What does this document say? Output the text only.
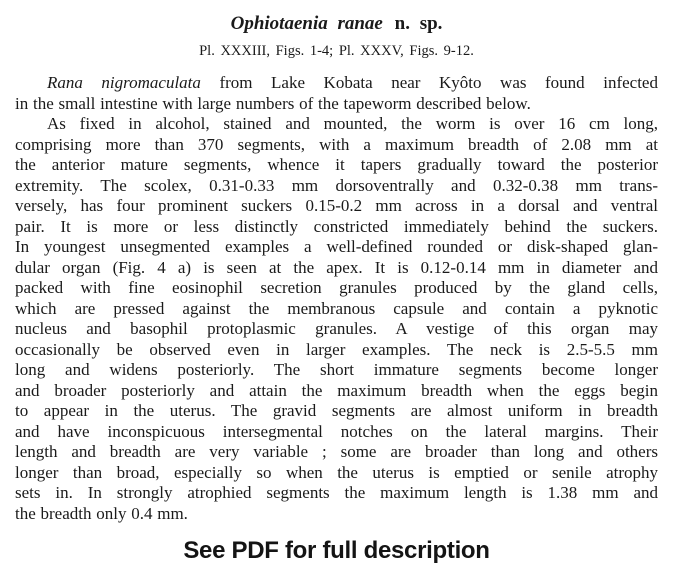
Ophiotaenia ranae n. sp.
Pl. XXXIII, Figs. 1-4; Pl. XXXV, Figs. 9-12.
Rana nigromaculata from Lake Kobata near Kyôto was found infected
in the small intestine with large numbers of the tapeworm described below.
As fixed in alcohol, stained and mounted, the worm is over 16 cm long,
comprising more than 370 segments, with a maximum breadth of 2.08 mm at
the anterior mature segments, whence it tapers gradually toward the posterior
extremity. The scolex, 0.31-0.33 mm dorsoventrally and 0.32-0.38 mm trans-
versely, has four prominent suckers 0.15-0.2 mm across in a dorsal and ventral
pair. It is more or less distinctly constricted immediately behind the suckers.
In youngest unsegmented examples a well-defined rounded or disk-shaped glan-
dular organ (Fig. 4 a) is seen at the apex. It is 0.12-0.14 mm in diameter and
packed with fine eosinophil secretion granules produced by the gland cells,
which are pressed against the membranous capsule and contain a pyknotic
nucleus and basophil protoplasmic granules. A vestige of this organ may
occasionally be observed even in larger examples. The neck is 2.5-5.5 mm
long and widens posteriorly. The short immature segments become longer
and broader posteriorly and attain the maximum breadth when the eggs begin
to appear in the uterus. The gravid segments are almost uniform in breadth
and have inconspicuous intersegmental notches on the lateral margins. Their
length and breadth are very variable ; some are broader than long and others
longer than broad, especially so when the uterus is emptied or senile atrophy
sets in. In strongly atrophied segments the maximum length is 1.38 mm and
the breadth only 0.4 mm.
See PDF for full description
